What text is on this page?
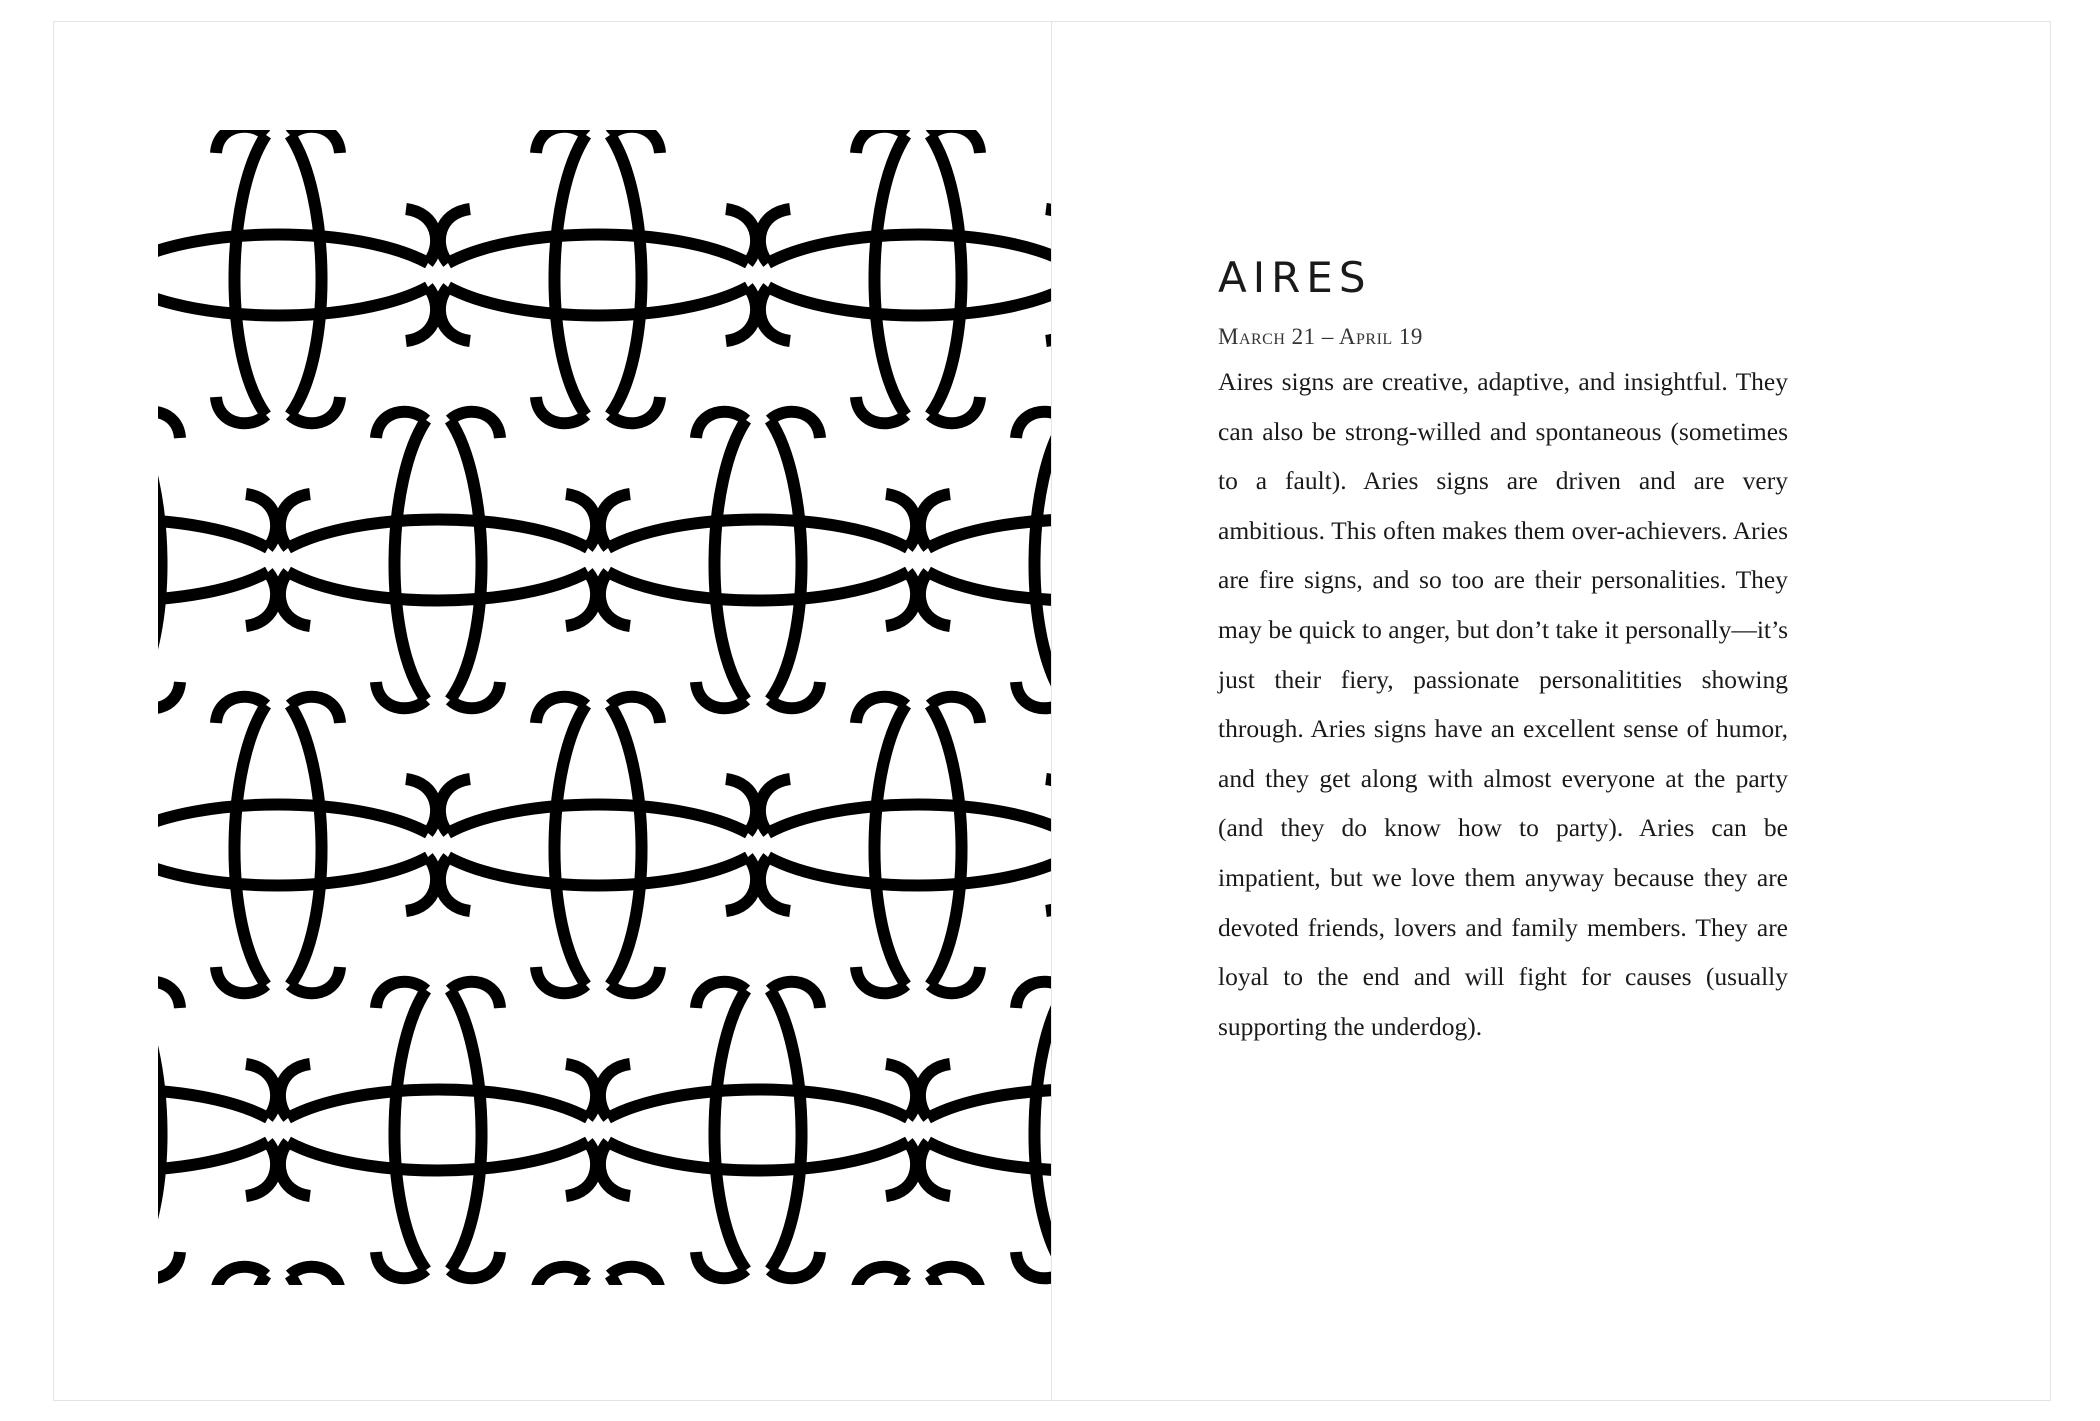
AIRES
March 21 – April 19

Aires signs are creative, adaptive, and insightful. They can also be strong-willed and spontaneous (sometimes to a fault). Aries signs are driven and are very ambitious. This often makes them over-achievers. Aries are fire signs, and so too are their personalities. They may be quick to anger, but don’t take it personally—it’s just their fiery, passionate personalitities showing through. Aries signs have an excellent sense of humor, and they get along with almost everyone at the party (and they do know how to party). Aries can be impatient, but we love them anyway because they are devoted friends, lovers and family members. They are loyal to the end and will fight for causes (usually supporting the underdog).
